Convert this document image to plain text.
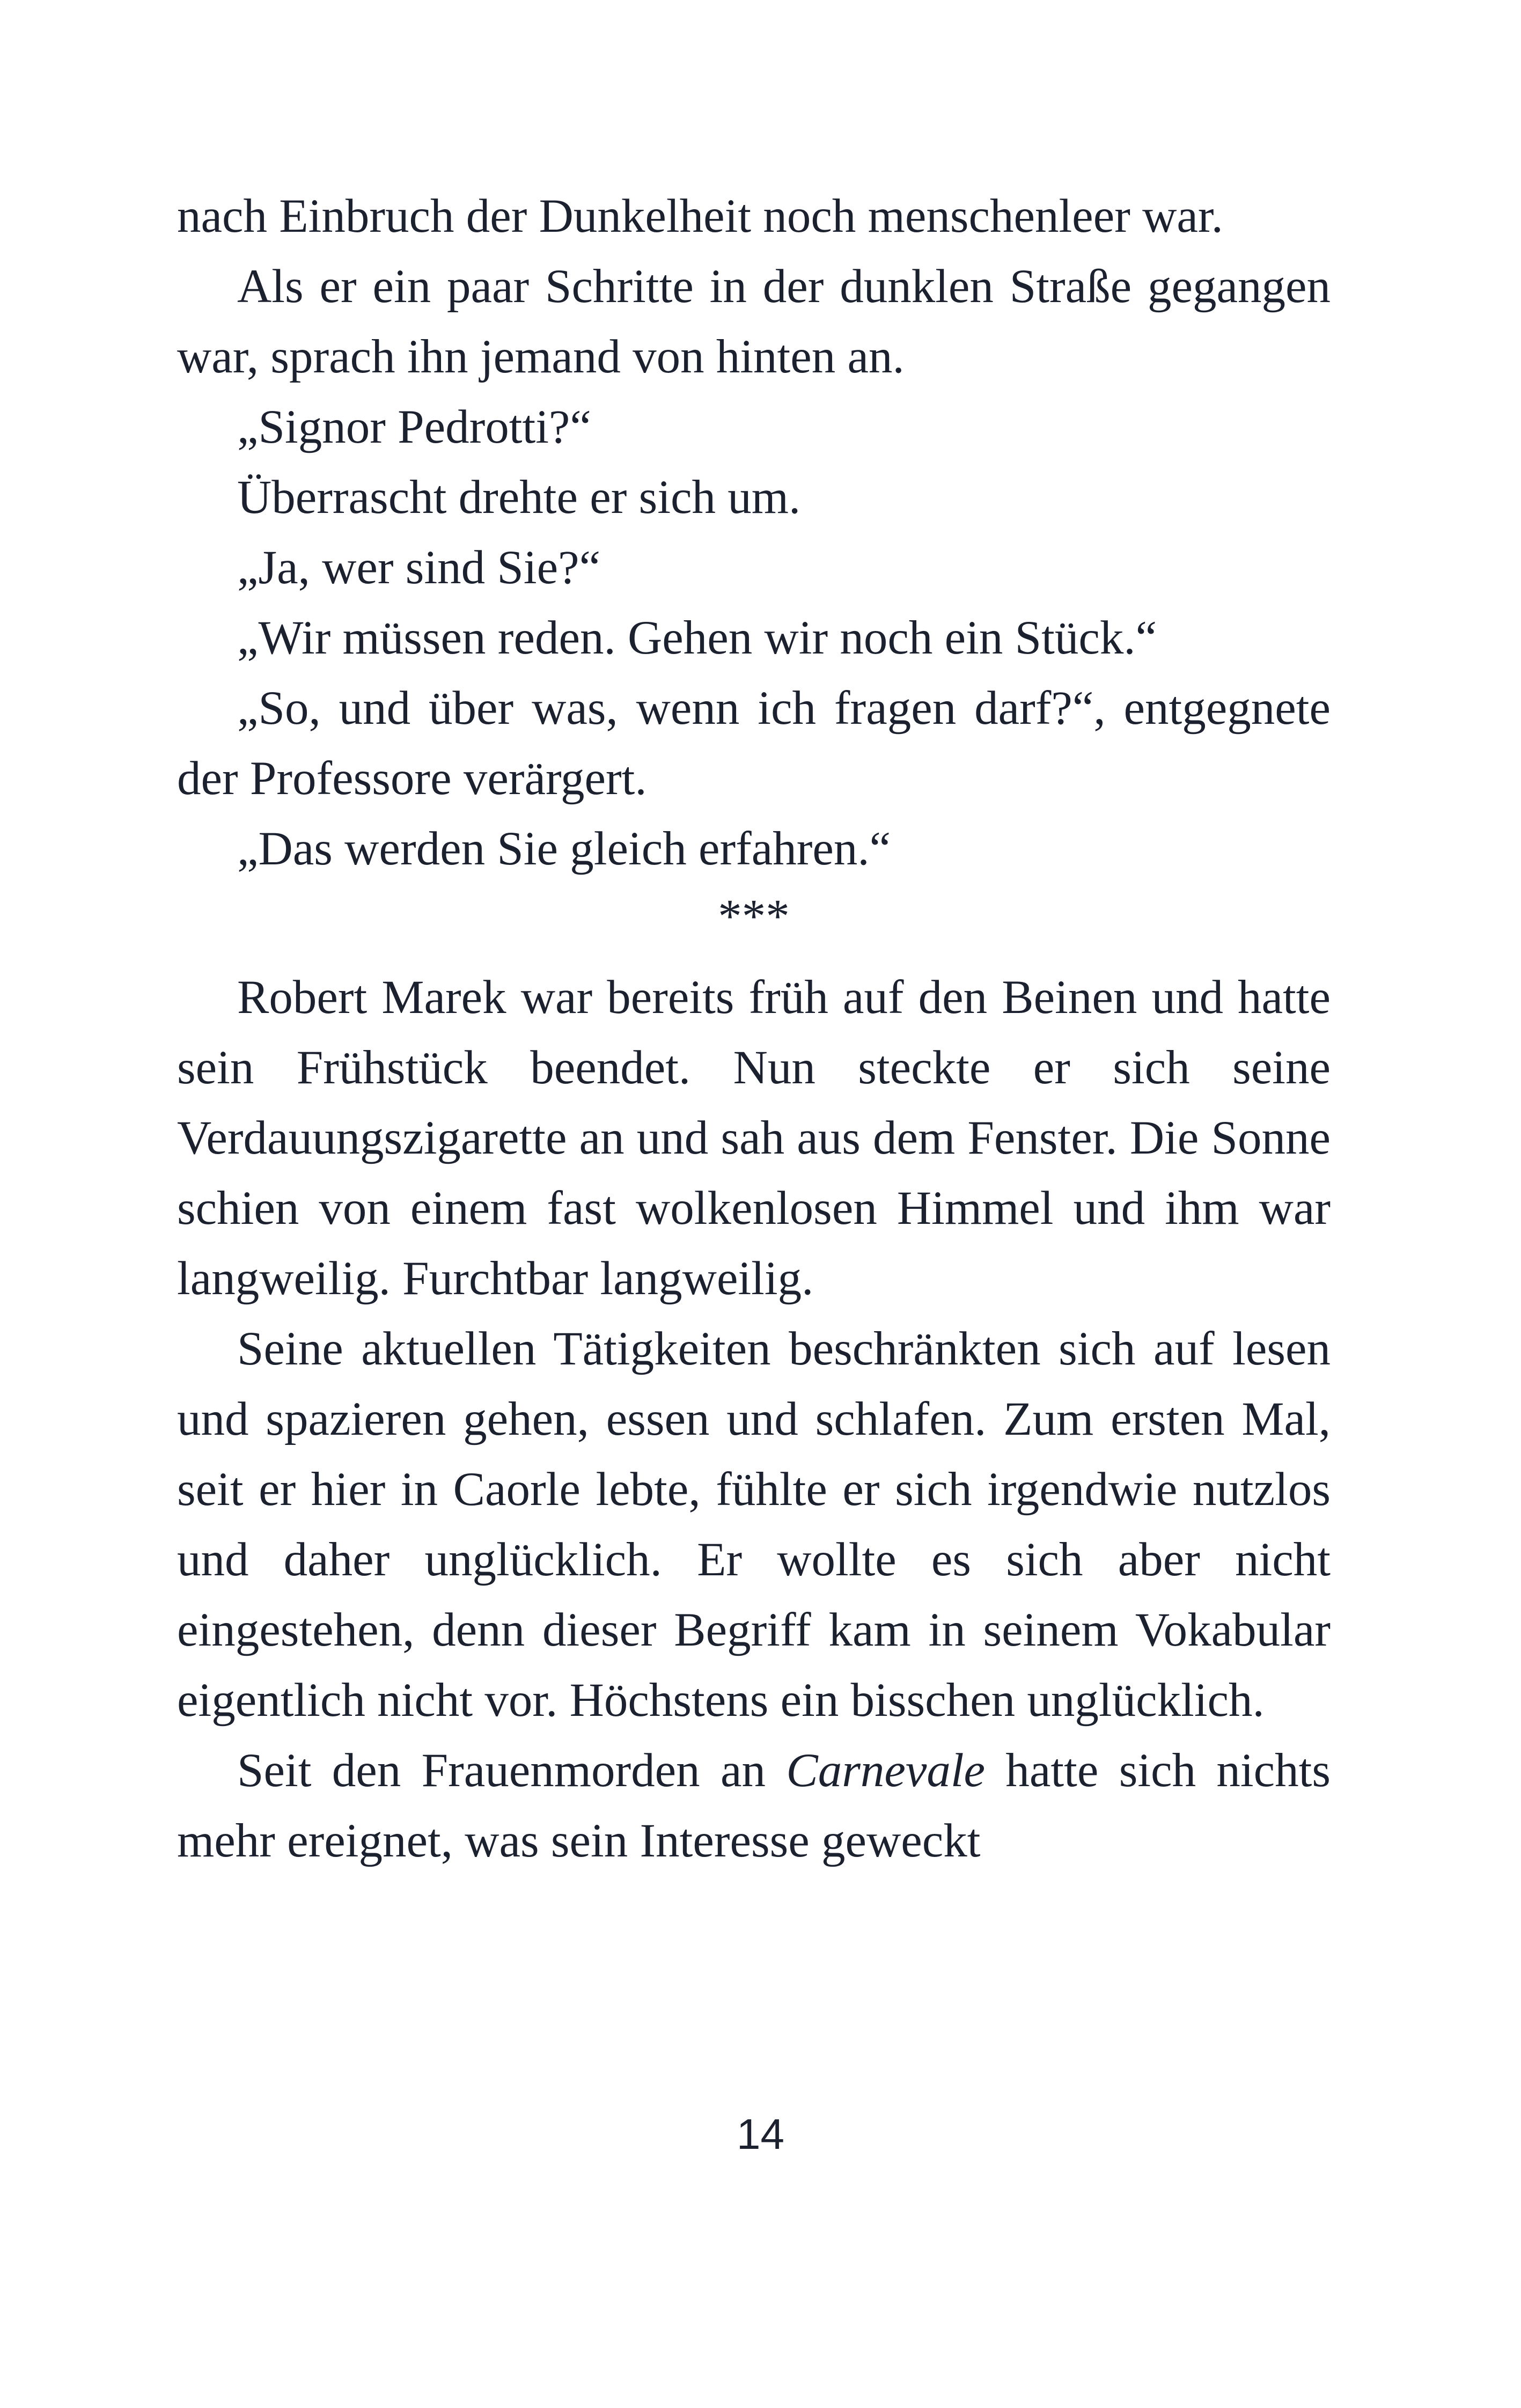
nach Einbruch der Dunkelheit noch menschenleer war.

Als er ein paar Schritte in der dunklen Straße gegangen war, sprach ihn jemand von hinten an.

„Signor Pedrotti?“

Überrascht drehte er sich um.

„Ja, wer sind Sie?“

„Wir müssen reden. Gehen wir noch ein Stück.“

„So, und über was, wenn ich fragen darf?“, entgegnete der Professore verärgert.

„Das werden Sie gleich erfahren.“

***

Robert Marek war bereits früh auf den Beinen und hatte sein Frühstück beendet. Nun steckte er sich seine Verdauungszigarette an und sah aus dem Fenster. Die Sonne schien von einem fast wolkenlosen Himmel und ihm war langweilig. Furchtbar langweilig.

Seine aktuellen Tätigkeiten beschränkten sich auf lesen und spazieren gehen, essen und schlafen. Zum ersten Mal, seit er hier in Caorle lebte, fühlte er sich irgendwie nutzlos und daher unglücklich. Er wollte es sich aber nicht eingestehen, denn dieser Begriff kam in seinem Vokabular eigentlich nicht vor. Höchstens ein bisschen unglücklich.

Seit den Frauenmorden an Carnevale hatte sich nichts mehr ereignet, was sein Interesse geweckt

14
